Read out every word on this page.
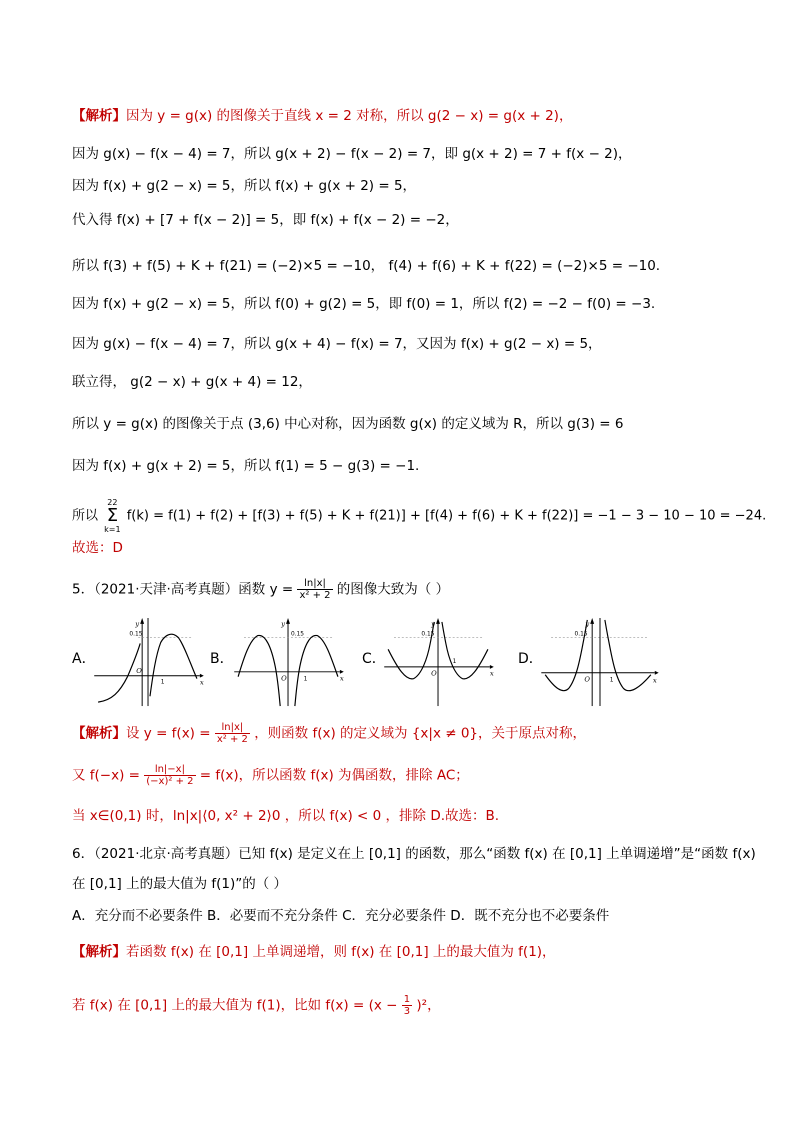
【解析】因为 y = g(x) 的图像关于直线 x = 2 对称，所以 g(2 − x) = g(x + 2)，
因为 g(x) − f(x − 4) = 7，所以 g(x + 2) − f(x − 2) = 7，即 g(x + 2) = 7 + f(x − 2)，
因为 f(x) + g(2 − x) = 5，所以 f(x) + g(x + 2) = 5，
代入得 f(x) + [7 + f(x − 2)] = 5，即 f(x) + f(x − 2) = −2，
所以 f(3) + f(5) + K + f(21) = (−2)×5 = −10， f(4) + f(6) + K + f(22) = (−2)×5 = −10.
因为 f(x) + g(2 − x) = 5，所以 f(0) + g(2) = 5，即 f(0) = 1，所以 f(2) = −2 − f(0) = −3.
因为 g(x) − f(x − 4) = 7，所以 g(x + 4) − f(x) = 7，又因为 f(x) + g(2 − x) = 5，
联立得， g(2 − x) + g(x + 4) = 12，
所以 y = g(x) 的图像关于点 (3,6) 中心对称，因为函数 g(x) 的定义域为 R，所以 g(3) = 6
因为 f(x) + g(x + 2) = 5，所以 f(1) = 5 − g(3) = −1.
所以
22
Σ
k=1
f(k) = f(1) + f(2) + [f(3) + f(5) + K + f(21)] + [f(4) + f(6) + K + f(22)] = −1 − 3 − 10 − 10 = −24.
故选：D
5．（2021·天津·高考真题）函数 $y = \frac{\ln|x|}{\text{x² + 2}}$ 的图像大致为（ ）
A．
y
0.15
O
1	x
B．
y
0.15
O	1	x
C．
y
0.15
O
1
x
D．
y
0.15
O	1	x
【解析】设 $y = f(x) = \frac{\ln|x|}{\text{x² + 2}}$ ，则函数 f(x) 的定义域为 {x|x ≠ 0}，关于原点对称，
又 $f(-x) = \frac{\ln|-x|}{\text{(−x)² + 2}} = f(x)$，所以函数 f(x) 为偶函数，排除 AC；
当 x∈(0,1) 时，ln|x|⟨0, x² + 2⟩0 ，所以 f(x) < 0 ，排除 D.故选：B.
6．（2021·北京·高考真题）已知 f(x) 是定义在上 [0,1] 的函数，那么“函数 f(x) 在 [0,1] 上单调递增”是“函数 f(x)
在 [0,1] 上的最大值为 f(1)”的（ ）
A．充分而不必要条件 B．必要而不充分条件 C．充分必要条件 D．既不充分也不必要条件
【解析】若函数 f(x) 在 [0,1] 上单调递增，则 f(x) 在 [0,1] 上的最大值为 f(1)，
若 f(x) 在 [0,1] 上的最大值为 f(1)，比如 $f(x) = (x - \frac{1}{3} )^2$，
